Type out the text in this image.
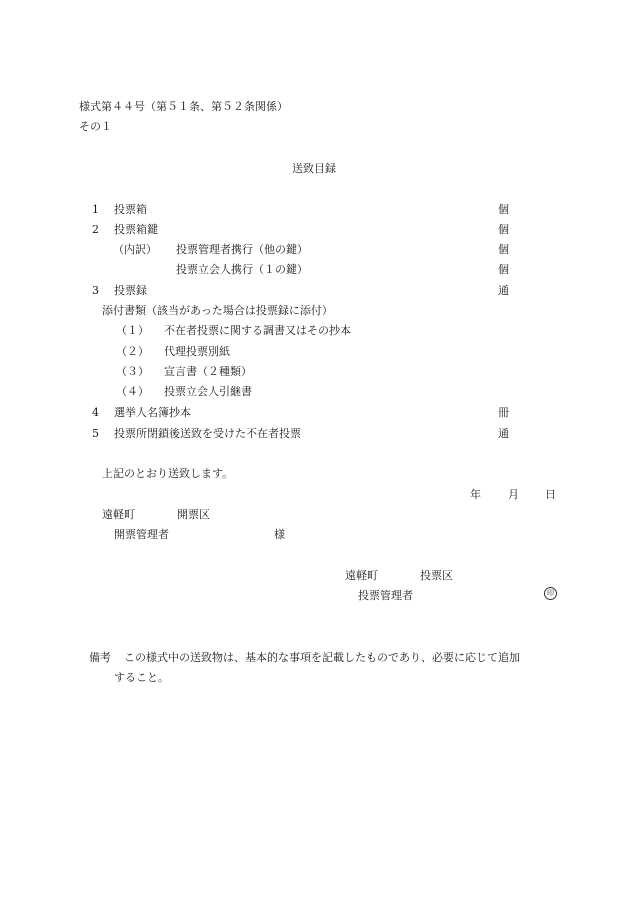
様式第４４号（第５１条、第５２条関係）
その１
送致目録
1 投票箱	個
2 投票箱鍵	個
（内訳） 投票管理者携行（他の鍵）	個
投票立会人携行（１の鍵）	個
3 投票録	通
添付書類（該当があった場合は投票録に添付）
（１） 不在者投票に関する調書又はその抄本
（２） 代理投票別紙
（３） 宣言書（２種類）
（４） 投票立会人引継書
4 選挙人名簿抄本	冊
5 投票所閉鎖後送致を受けた不在者投票	通
上記のとおり送致します。
年 月 日
遠軽町	開票区
開票管理者	様
遠軽町	投票区
投票管理者	印
備考 この様式中の送致物は、基本的な事項を記載したものであり、必要に応じて追加
すること。
